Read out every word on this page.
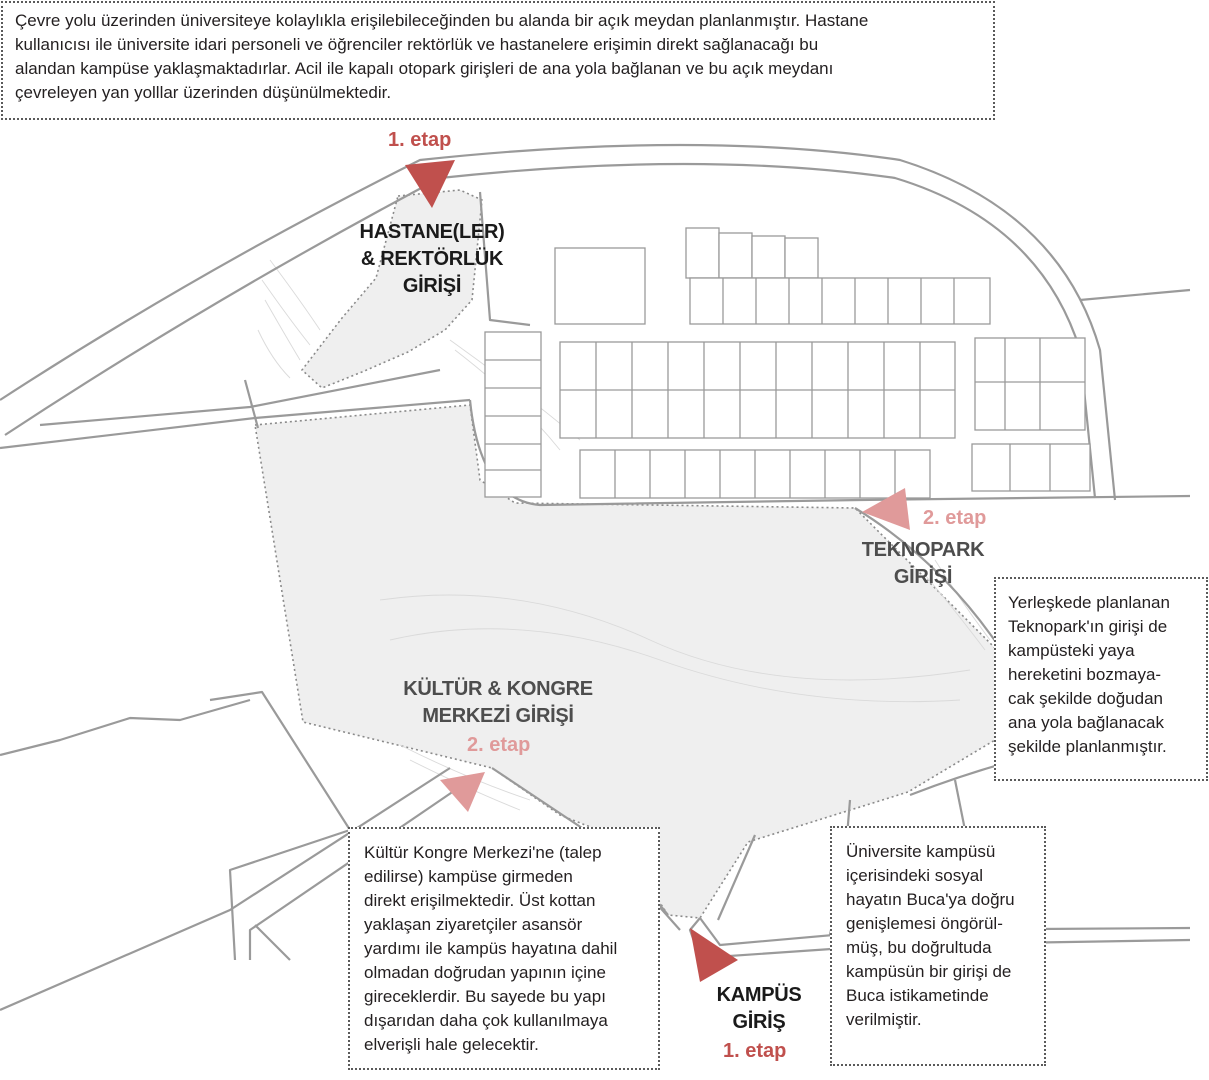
Çevre yolu üzerinden üniversiteye kolaylıkla erişilebileceğinden bu alanda bir açık meydan planlanmıştır. Hastane

kullanıcısı ile üniversite idari personeli ve öğrenciler rektörlük ve hastanelere erişimin direkt sağlanacağı bu

alandan kampüse yaklaşmaktadırlar. Acil ile kapalı otopark girişleri de ana yola bağlanan ve bu açık meydanı

çevreleyen yan yolllar üzerinden düşünülmektedir.

Yerleşkede planlanan

Teknopark'ın girişi de

kampüsteki yaya

hereketini bozmaya-

cak şekilde doğudan

ana yola bağlanacak

şekilde planlanmıştır.

Kültür Kongre Merkezi'ne (talep

edilirse) kampüse girmeden

direkt erişilmektedir. Üst kottan

yaklaşan ziyaretçiler asansör

yardımı ile kampüs hayatına dahil

olmadan doğrudan yapının içine

gireceklerdir. Bu sayede bu yapı

dışarıdan daha çok kullanılmaya

elverişli hale gelecektir.

Üniversite kampüsü

içerisindeki sosyal

hayatın Buca'ya doğru

genişlemesi öngörül-

müş, bu doğrultuda

kampüsün bir girişi de

Buca istikametinde

verilmiştir.

HASTANE(LER)
& REKTÖRLÜK
GİRİŞİ
1. etap
TEKNOPARK
GİRİŞİ
2. etap
KÜLTÜR & KONGRE
MERKEZİ GİRİŞİ
2. etap
KAMPÜS
GİRİŞ
1. etap
